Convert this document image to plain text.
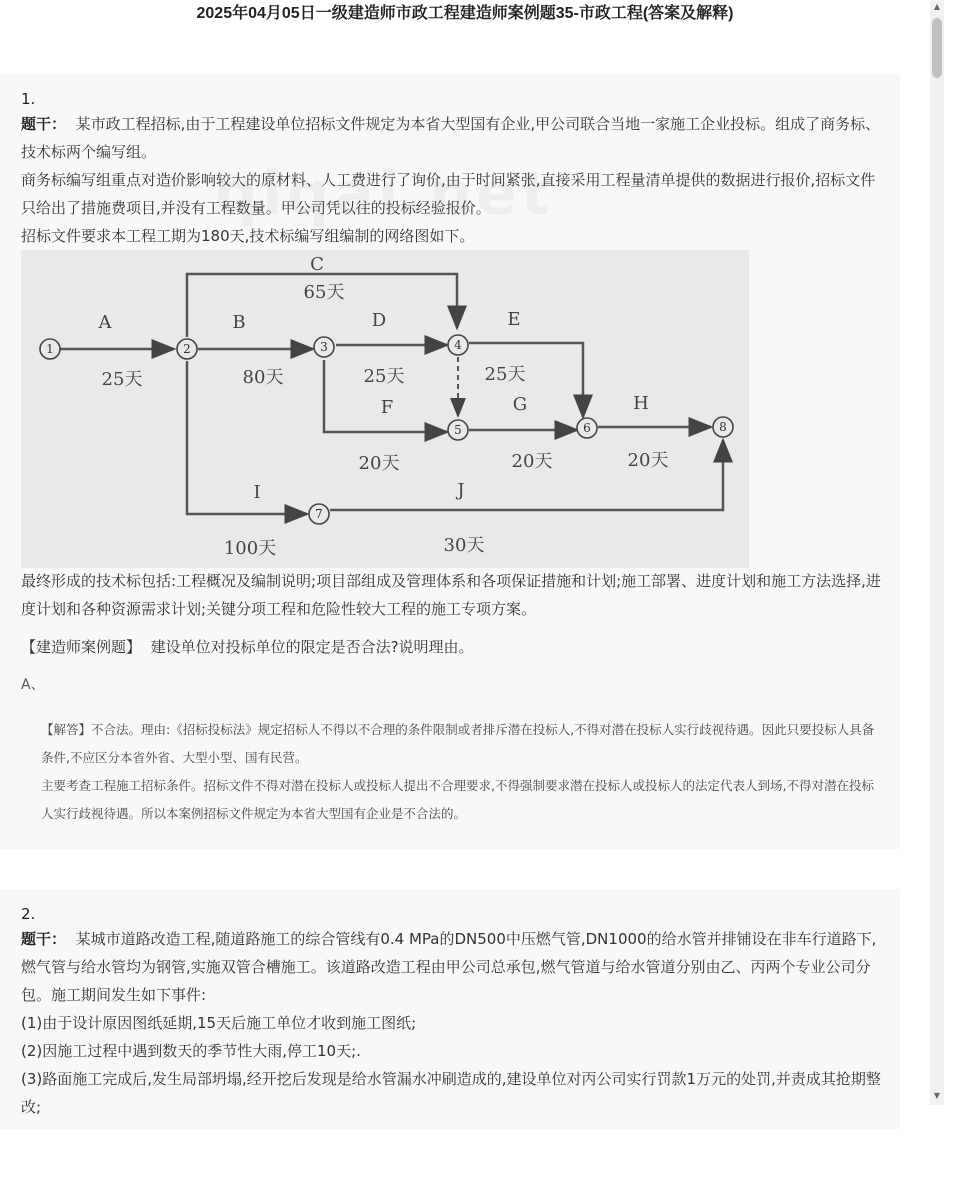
2025年04月05日一级建造师市政工程建造师案例题35-市政工程(答案及解释)
1.

题干： 某市政工程招标,由于工程建设单位招标文件规定为本省大型国有企业,甲公司联合当地一家施工企业投标。组成了商务标、技术标两个编写组。

商务标编写组重点对造价影响较大的原材料、人工费进行了询价,由于时间紧张,直接采用工程量清单提供的数据进行报价,招标文件只给出了措施费项目,并没有工程数量。甲公司凭以往的投标经验报价。

招标文件要求本工程工期为180天,技术标编写组编制的网络图如下。

1	2	3	4
5	6
7
8
A
25天
B
80天
C
65天
D
25天
E
25天
F
20天
G
20天
H
20天
I
100天
J
30天

最终形成的技术标包括:工程概况及编制说明;项目部组成及管理体系和各项保证措施和计划;施工部署、进度计划和施工方法选择,进度计划和各种资源需求计划;关键分项工程和危险性较大工程的施工专项方案。

【建造师案例题】 建设单位对投标单位的限定是否合法?说明理由。
A、

【解答】不合法。理由:《招标投标法》规定招标人不得以不合理的条件限制或者排斥潜在投标人,不得对潜在投标人实行歧视待遇。因此只要投标人具备条件,不应区分本省外省、大型小型、国有民营。

主要考查工程施工招标条件。招标文件不得对潜在投标人或投标人提出不合理要求,不得强制要求潜在投标人或投标人的法定代表人到场,不得对潜在投标人实行歧视待遇。所以本案例招标文件规定为本省大型国有企业是不合法的。

2.

题干： 某城市道路改造工程,随道路施工的综合管线有0.4 MPa的DN500中压燃气管,DN1000的给水管并排铺设在非车行道路下,燃气管与给水管均为钢管,实施双管合槽施工。该道路改造工程由甲公司总承包,燃气管道与给水管道分别由乙、丙两个专业公司分包。施工期间发生如下事件:

(1)由于设计原因图纸延期,15天后施工单位才收到施工图纸;

(2)因施工过程中遇到数天的季节性大雨,停工10天;.

(3)路面施工完成后,发生局部坍塌,经开挖后发现是给水管漏水冲刷造成的,建设单位对丙公司实行罚款1万元的处罚,并责成其抢期整改;

▲
▼
